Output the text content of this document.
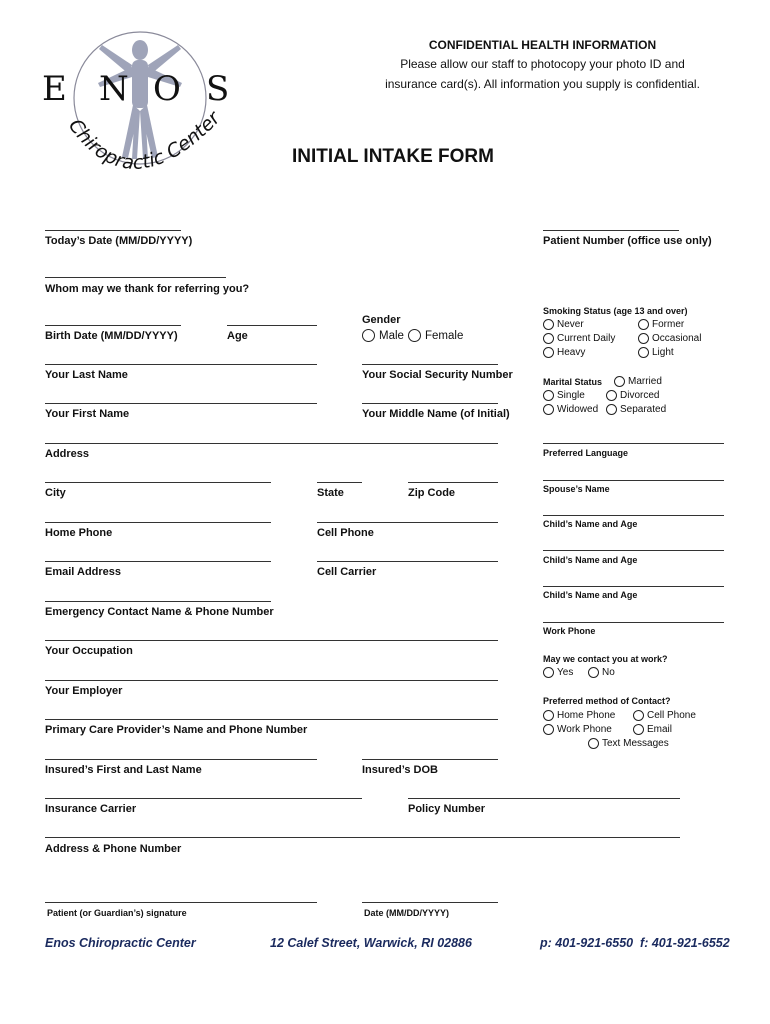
E N O S
Chiropractic Center
CONFIDENTIAL HEALTH INFORMATION
Please allow our staff to photocopy your photo ID and
insurance card(s). All information you supply is confidential.
INITIAL INTAKE FORM
Today’s Date (MM/DD/YYYY)	Patient Number (office use only)
Whom may we thank for referring you?
Birth Date (MM/DD/YYYY)	Age
Gender
Male Female
Your Last Name	Your Social Security Number
Your First Name	Your Middle Name (of Initial)
Address
City	State	Zip Code
Home Phone	Cell Phone
Email Address	Cell Carrier
Emergency Contact Name & Phone Number
Your Occupation
Your Employer
Primary Care Provider’s Name and Phone Number
Insured’s First and Last Name	Insured’s DOB
Insurance Carrier	Policy Number
Address & Phone Number
Patient (or Guardian’s) signature	Date (MM/DD/YYYY)
Smoking Status (age 13 and over)
Never	Former
Current Daily	Occasional
Heavy	Light
Marital Status	Married
Single	Divorced
Widowed Separated
Preferred Language
Spouse’s Name
Child’s Name and Age
Child’s Name and Age
Child’s Name and Age
Work Phone
May we contact you at work?
Yes	No
Preferred method of Contact?
Home Phone	Cell Phone
Work Phone	Email
Text Messages
Enos Chiropractic Center	12 Calef Street, Warwick, RI 02886	p: 401-921-6550  f: 401-921-6552
